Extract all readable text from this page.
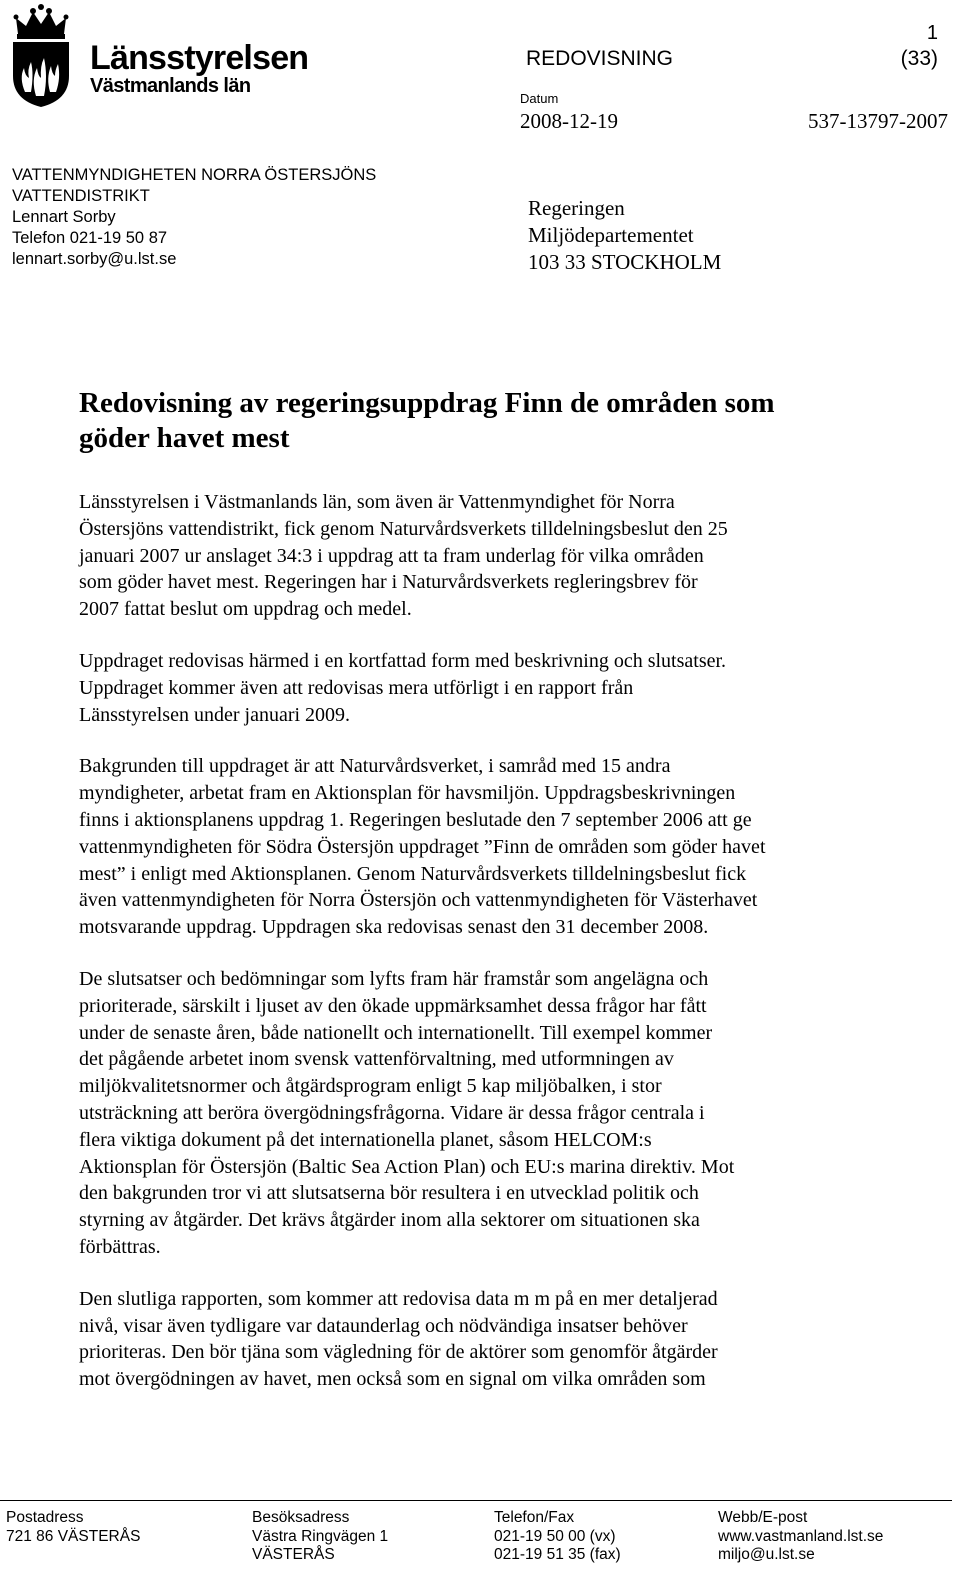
Länsstyrelsen
Västmanlands län
VATTENMYNDIGHETEN NORRA ÖSTERSJÖNS
VATTENDISTRIKT
Lennart Sorby
Telefon 021-19 50 87
lennart.sorby@u.lst.se
1
REDOVISNING	(33)
Datum
2008-12-19	537-13797-2007
Regeringen
Miljödepartementet
103 33 STOCKHOLM
Redovisning av regeringsuppdrag Finn de områden som
göder havet mest

Länsstyrelsen i Västmanlands län, som även är Vattenmyndighet för Norra
Östersjöns vattendistrikt, fick genom Naturvårdsverkets tilldelningsbeslut den 25
januari 2007 ur anslaget 34:3 i uppdrag att ta fram underlag för vilka områden
som göder havet mest. Regeringen har i Naturvårdsverkets regleringsbrev för
2007 fattat beslut om uppdrag och medel.

Uppdraget redovisas härmed i en kortfattad form med beskrivning och slutsatser.
Uppdraget kommer även att redovisas mera utförligt i en rapport från
Länsstyrelsen under januari 2009.

Bakgrunden till uppdraget är att Naturvårdsverket, i samråd med 15 andra
myndigheter, arbetat fram en Aktionsplan för havsmiljön. Uppdragsbeskrivningen
finns i aktionsplanens uppdrag 1. Regeringen beslutade den 7 september 2006 att ge
vattenmyndigheten för Södra Östersjön uppdraget ”Finn de områden som göder havet
mest” i enligt med Aktionsplanen. Genom Naturvårdsverkets tilldelningsbeslut fick
även vattenmyndigheten för Norra Östersjön och vattenmyndigheten för Västerhavet
motsvarande uppdrag. Uppdragen ska redovisas senast den 31 december 2008.

De slutsatser och bedömningar som lyfts fram här framstår som angelägna och
prioriterade, särskilt i ljuset av den ökade uppmärksamhet dessa frågor har fått
under de senaste åren, både nationellt och internationellt. Till exempel kommer
det pågående arbetet inom svensk vattenförvaltning, med utformningen av
miljökvalitetsnormer och åtgärdsprogram enligt 5 kap miljöbalken, i stor
utsträckning att beröra övergödningsfrågorna. Vidare är dessa frågor centrala i
flera viktiga dokument på det internationella planet, såsom HELCOM:s
Aktionsplan för Östersjön (Baltic Sea Action Plan) och EU:s marina direktiv. Mot
den bakgrunden tror vi att slutsatserna bör resultera i en utvecklad politik och
styrning av åtgärder. Det krävs åtgärder inom alla sektorer om situationen ska
förbättras.

Den slutliga rapporten, som kommer att redovisa data m m på en mer detaljerad
nivå, visar även tydligare var dataunderlag och nödvändiga insatser behöver
prioriteras. Den bör tjäna som vägledning för de aktörer som genomför åtgärder
mot övergödningen av havet, men också som en signal om vilka områden som

Postadress
721 86 VÄSTERÅS
Besöksadress
Västra Ringvägen 1
VÄSTERÅS
Telefon/Fax
021-19 50 00 (vx)
021-19 51 35 (fax)
Webb/E-post
www.vastmanland.lst.se
miljo@u.lst.se
